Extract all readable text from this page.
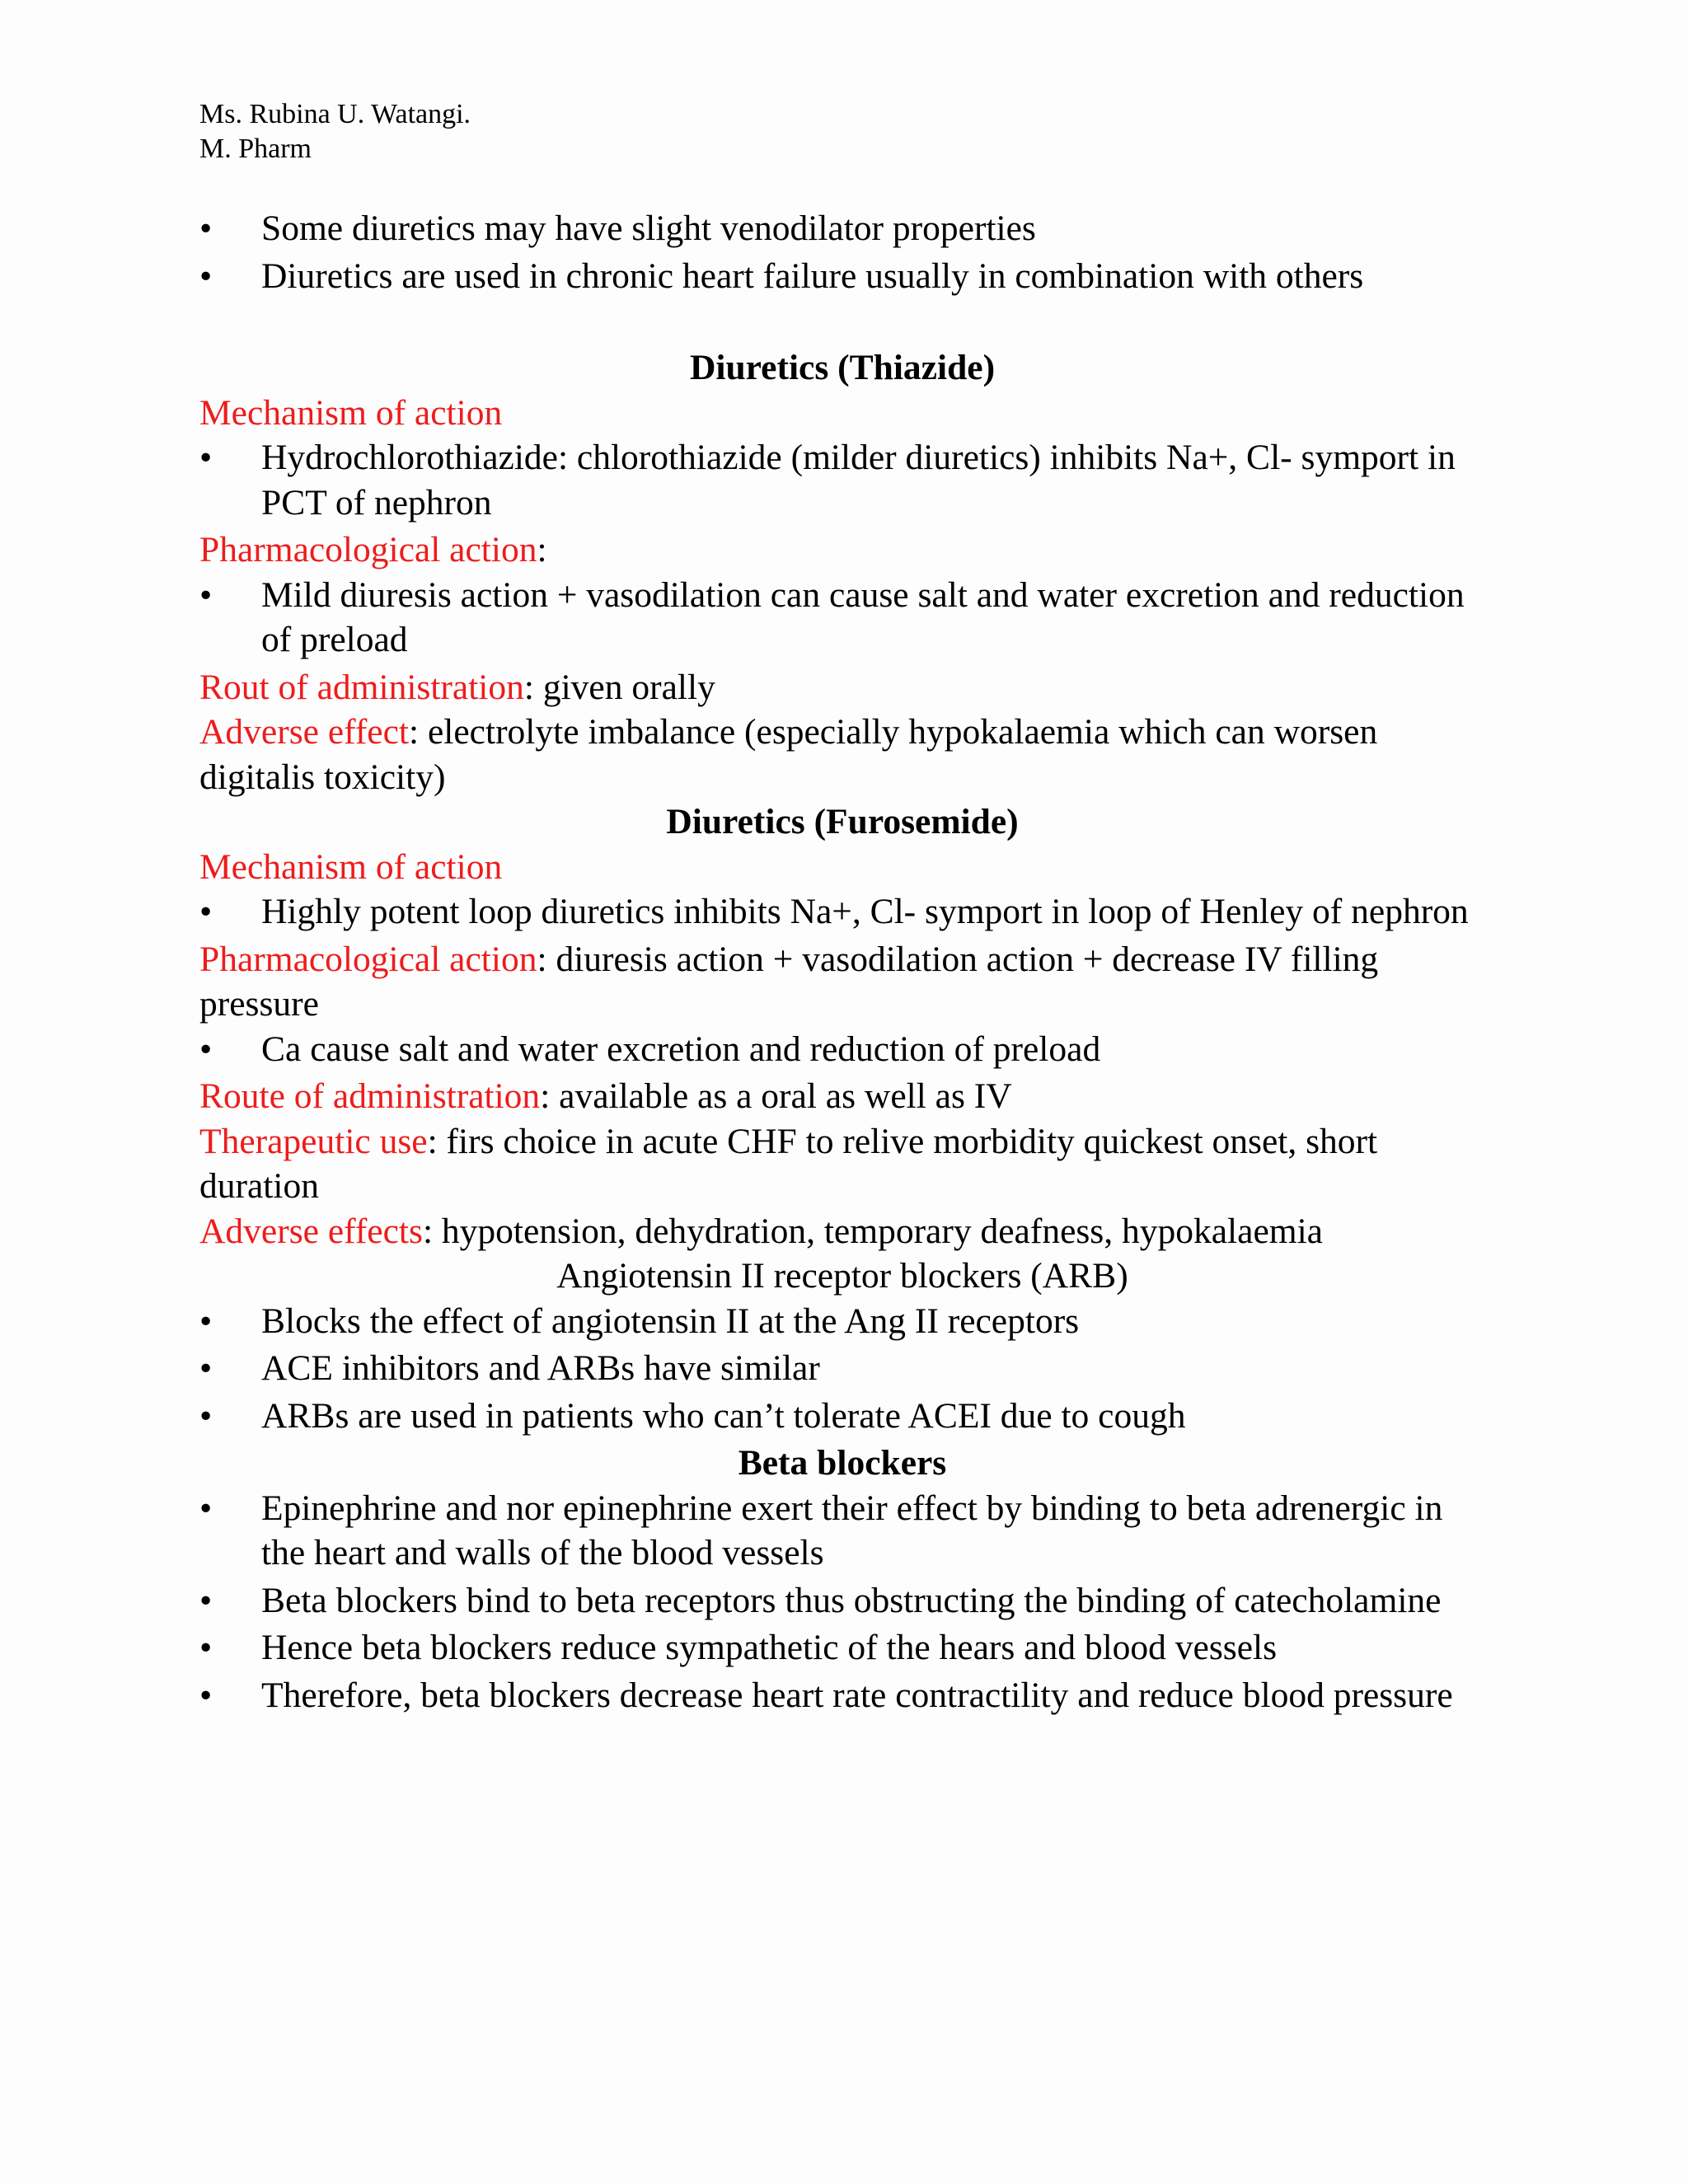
Ms. Rubina U. Watangi.
M. Pharm
• Some diuretics may have slight venodilator properties
• Diuretics are used in chronic heart failure usually in combination with others
Diuretics (Thiazide)
Mechanism of action
• Hydrochlorothiazide: chlorothiazide (milder diuretics) inhibits Na+, Cl- symport in PCT of nephron
Pharmacological action:
• Mild diuresis action + vasodilation can cause salt and water excretion and reduction of preload
Rout of administration: given orally
Adverse effect: electrolyte imbalance (especially hypokalaemia which can worsen digitalis toxicity)
Diuretics (Furosemide)
Mechanism of action
• Highly potent loop diuretics inhibits Na+, Cl- symport in loop of Henley of nephron
Pharmacological action: diuresis action + vasodilation action + decrease IV filling pressure
• Ca cause salt and water excretion and reduction of preload
Route of administration: available as a oral as well as IV
Therapeutic use: firs choice in acute CHF to relive morbidity quickest onset, short duration
Adverse effects: hypotension, dehydration, temporary deafness, hypokalaemia
Angiotensin II receptor blockers (ARB)
• Blocks the effect of angiotensin II at the Ang II receptors
• ACE inhibitors and ARBs have similar
• ARBs are used in patients who can’t tolerate ACEI due to cough
Beta blockers
• Epinephrine and nor epinephrine exert their effect by binding to beta adrenergic in the heart and walls of the blood vessels
• Beta blockers bind to beta receptors thus obstructing the binding of catecholamine
• Hence beta blockers reduce sympathetic of the hears and blood vessels
• Therefore, beta blockers decrease heart rate contractility and reduce blood pressure
